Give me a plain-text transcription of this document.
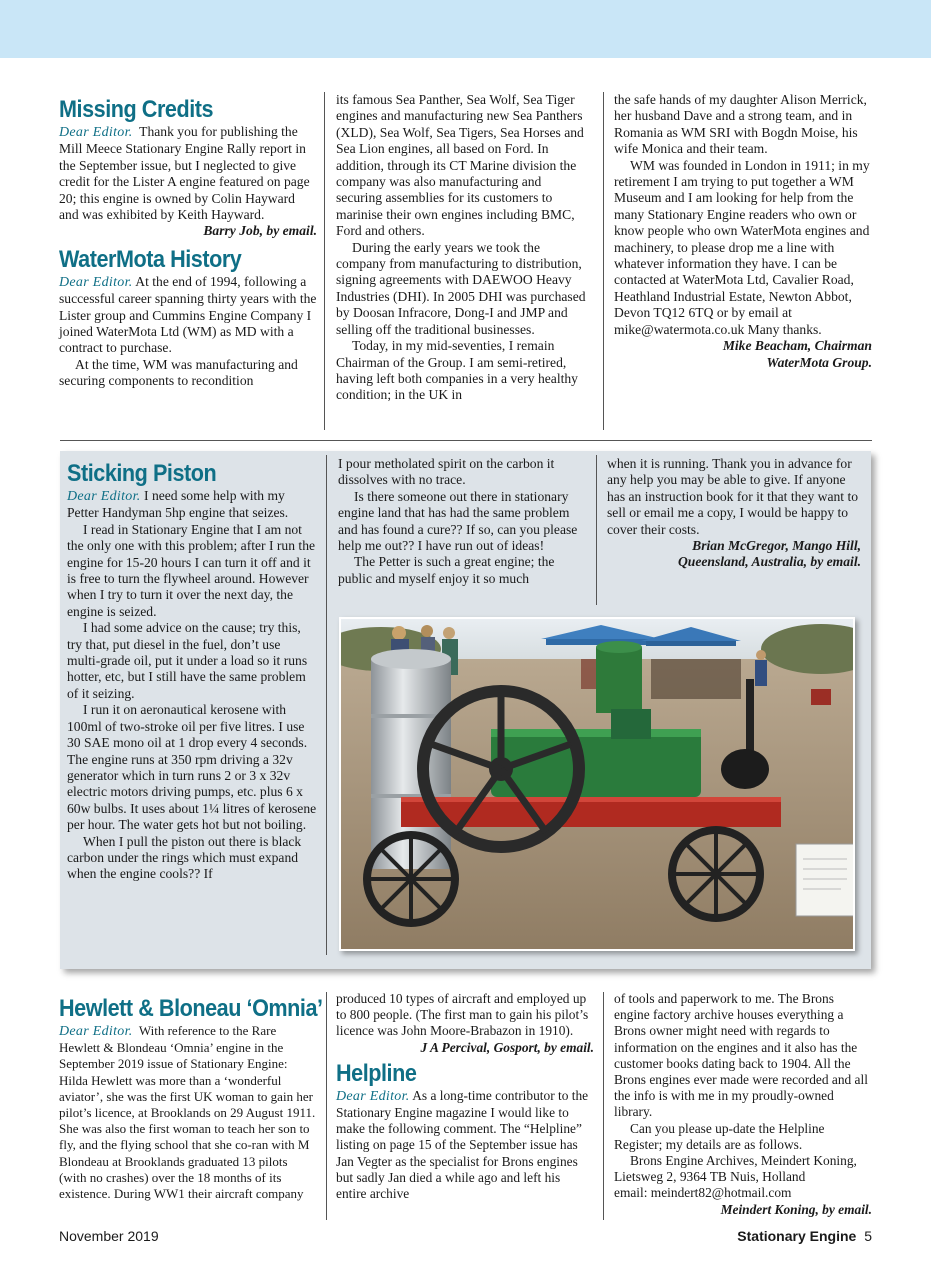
Missing Credits

Dear Editor. Thank you for publishing the Mill Meece Stationary Engine Rally report in the September issue, but I neglected to give credit for the Lister A engine featured on page 20; this engine is owned by Colin Hayward and was exhibited by Keith Hayward.

Barry Job, by email.

WaterMota History

Dear Editor. At the end of 1994, following a successful career spanning thirty years with the Lister group and Cummins Engine Company I joined WaterMota Ltd (WM) as MD with a contract to purchase.

At the time, WM was manufacturing and securing components to recondition

its famous Sea Panther, Sea Wolf, Sea Tiger engines and manufacturing new Sea Panthers (XLD), Sea Wolf, Sea Tigers, Sea Horses and Sea Lion engines, all based on Ford. In addition, through its CT Marine division the company was also manufacturing and securing assemblies for its customers to marinise their own engines including BMC, Ford and others.

During the early years we took the company from manufacturing to distribution, signing agreements with DAEWOO Heavy Industries (DHI). In 2005 DHI was purchased by Doosan Infracore, Dong-I and JMP and selling off the traditional businesses.

Today, in my mid-seventies, I remain Chairman of the Group. I am semi-retired, having left both companies in a very healthy condition; in the UK in

the safe hands of my daughter Alison Merrick, her husband Dave and a strong team, and in Romania as WM SRI with Bogdn Moise, his wife Monica and their team.

WM was founded in London in 1911; in my retirement I am trying to put together a WM Museum and I am looking for help from the many Stationary Engine readers who own or know people who own WaterMota engines and machinery, to please drop me a line with whatever information they have. I can be contacted at WaterMota Ltd, Cavalier Road, Heathland Industrial Estate, Newton Abbot, Devon TQ12 6TQ or by email at mike@watermota.co.uk Many thanks.

Mike Beacham, Chairman

WaterMota Group.

Sticking Piston

Dear Editor. I need some help with my Petter Handyman 5hp engine that seizes.

I read in Stationary Engine that I am not the only one with this problem; after I run the engine for 15-20 hours I can turn it off and it is free to turn the flywheel around. However when I try to turn it over the next day, the engine is seized.

I had some advice on the cause; try this, try that, put diesel in the fuel, don’t use multi-grade oil, put it under a load so it runs hotter, etc, but I still have the same problem of it seizing.

I run it on aeronautical kerosene with 100ml of two-stroke oil per five litres. I use 30 SAE mono oil at 1 drop every 4 seconds. The engine runs at 350 rpm driving a 32v generator which in turn runs 2 or 3 x 32v electric motors driving pumps, etc. plus 6 x 60w bulbs. It uses about 1¼ litres of kerosene per hour. The water gets hot but not boiling.

When I pull the piston out there is black carbon under the rings which must expand when the engine cools?? If

I pour metholated spirit on the carbon it dissolves with no trace.

Is there someone out there in stationary engine land that has had the same problem and has found a cure?? If so, can you please help me out?? I have run out of ideas!

The Petter is such a great engine; the public and myself enjoy it so much

when it is running. Thank you in advance for any help you may be able to give. If anyone has an instruction book for it that they want to sell or email me a copy, I would be happy to cover their costs.

Brian McGregor, Mango Hill,

Queensland, Australia, by email.

Hewlett & Bloneau ‘Omnia’

Dear Editor. With reference to the Rare Hewlett & Blondeau ‘Omnia’ engine in the September 2019 issue of Stationary Engine: Hilda Hewlett was more than a ‘wonderful aviator’, she was the first UK woman to gain her pilot’s licence, at Brooklands on 29 August 1911. She was also the first woman to teach her son to fly, and the flying school that she co-ran with M Blondeau at Brooklands graduated 13 pilots (with no crashes) over the 18 months of its existence. During WW1 their aircraft company

produced 10 types of aircraft and employed up to 800 people. (The first man to gain his pilot’s licence was John Moore-Brabazon in 1910).

J A Percival, Gosport, by email.

Helpline

Dear Editor. As a long-time contributor to the Stationary Engine magazine I would like to make the following comment. The “Helpline” listing on page 15 of the September issue has Jan Vegter as the specialist for Brons engines but sadly Jan died a while ago and left his entire archive

of tools and paperwork to me. The Brons engine factory archive houses everything a Brons owner might need with regards to information on the engines and it also has the customer books dating back to 1904. All the Brons engines ever made were recorded and all the info is with me in my proudly-owned library.

Can you please up-date the Helpline Register; my details are as follows.

Brons Engine Archives, Meindert Koning, Lietsweg 2, 9364 TB Nuis, Holland

email: meindert82@hotmail.com

Meindert Koning, by email.

November 2019	Stationary Engine 5
